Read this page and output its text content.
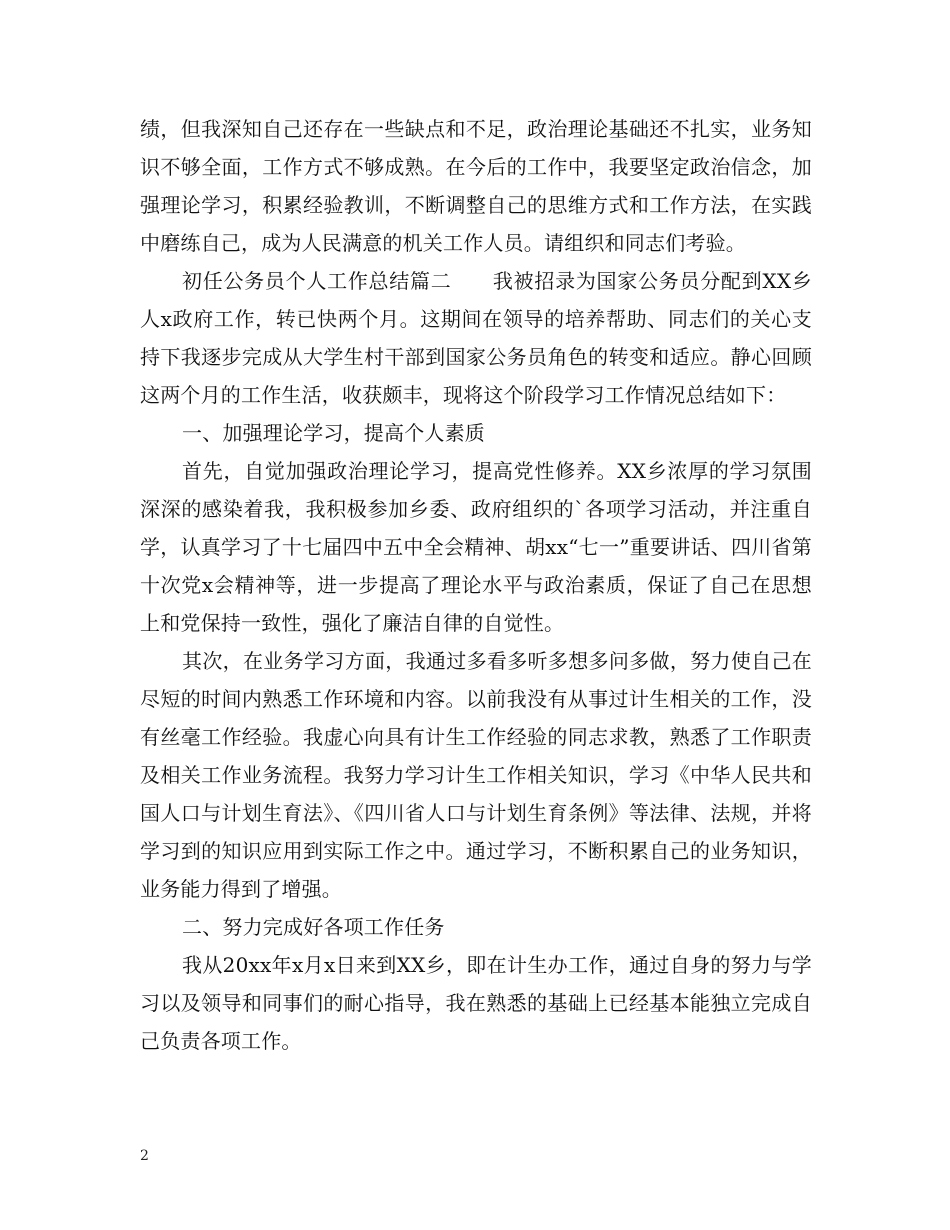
绩，但我深知自己还存在一些缺点和不足，政治理论基础还不扎实，业务知识不够全面，工作方式不够成熟。在今后的工作中，我要坚定政治信念，加强理论学习，积累经验教训，不断调整自己的思维方式和工作方法，在实践中磨练自己，成为人民满意的机关工作人员。请组织和同志们考验。

初任公务员个人工作总结篇二　　我被招录为国家公务员分配到XX乡人x政府工作，转已快两个月。这期间在领导的培养帮助、同志们的关心支持下我逐步完成从大学生村干部到国家公务员角色的转变和适应。静心回顾这两个月的工作生活，收获颇丰，现将这个阶段学习工作情况总结如下：

一、加强理论学习，提高个人素质

首先，自觉加强政治理论学习，提高党性修养。XX乡浓厚的学习氛围深深的感染着我，我积极参加乡委、政府组织的`各项学习活动，并注重自学，认真学习了十七届四中五中全会精神、胡xx“七一”重要讲话、四川省第十次党x会精神等，进一步提高了理论水平与政治素质，保证了自己在思想上和党保持一致性，强化了廉洁自律的自觉性。

其次，在业务学习方面，我通过多看多听多想多问多做，努力使自己在尽短的时间内熟悉工作环境和内容。以前我没有从事过计生相关的工作，没有丝毫工作经验。我虚心向具有计生工作经验的同志求教，熟悉了工作职责及相关工作业务流程。我努力学习计生工作相关知识，学习《中华人民共和国人口与计划生育法》、《四川省人口与计划生育条例》等法律、法规，并将学习到的知识应用到实际工作之中。通过学习，不断积累自己的业务知识，业务能力得到了增强。

二、努力完成好各项工作任务

我从20xx年x月x日来到XX乡，即在计生办工作，通过自身的努力与学习以及领导和同事们的耐心指导，我在熟悉的基础上已经基本能独立完成自己负责各项工作。

2
